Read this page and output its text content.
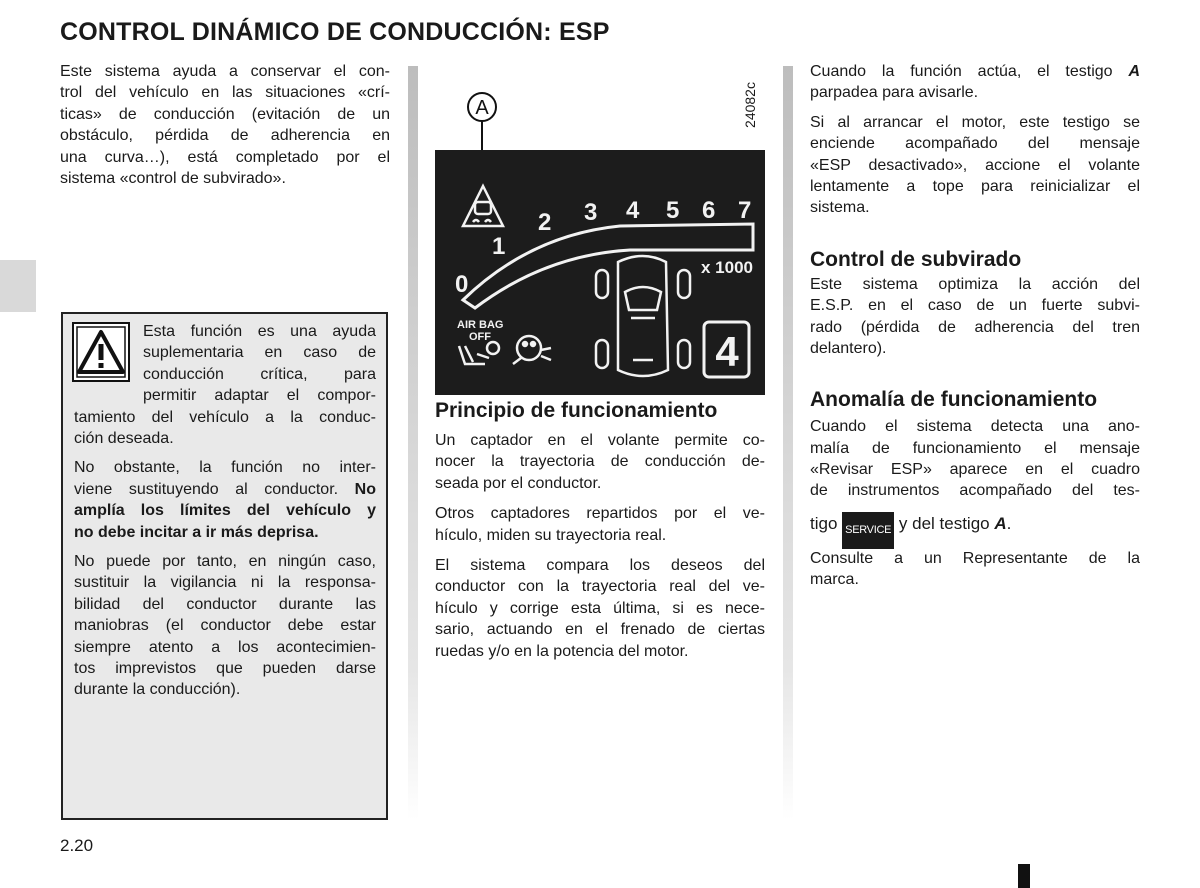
CONTROL DINÁMICO DE CONDUCCIÓN: ESP
Este sistema ayuda a conservar el con-
trol del vehículo en las situaciones «crí-
ticas» de conducción (evitación de un
obstáculo, pérdida de adherencia en
una curva…), está completado por el
sistema «control de subvirado».
Esta función es una ayuda
suplementaria en caso de
conducción crítica, para
permitir adaptar el compor-
tamiento del vehículo a la conduc-
ción deseada.
No obstante, la función no inter-
viene sustituyendo al conductor. No
amplía los límites del vehículo y
no debe incitar a ir más deprisa.
No puede por tanto, en ningún caso,
sustituir la vigilancia ni la responsa-
bilidad del conductor durante las
maniobras (el conductor debe estar
siempre atento a los acontecimien-
tos imprevistos que pueden darse
durante la conducción).
2.20
A	24082c
0
1
2 3 4 5 6 7
x 1000
AIR BAG
OFF	4
Principio de funcionamiento
Un captador en el volante permite co-
nocer la trayectoria de conducción de-
seada por el conductor.
Otros captadores repartidos por el ve-
hículo, miden su trayectoria real.
El sistema compara los deseos del
conductor con la trayectoria real del ve-
hículo y corrige esta última, si es nece-
sario, actuando en el frenado de ciertas
ruedas y/o en la potencia del motor.
Cuando la función actúa, el testigo A
parpadea para avisarle.
Si al arrancar el motor, este testigo se
enciende acompañado del mensaje
«ESP desactivado», accione el volante
lentamente a tope para reinicializar el
sistema.
Control de subvirado
Este sistema optimiza la acción del
E.S.P. en el caso de un fuerte subvi-
rado (pérdida de adherencia del tren
delantero).
Anomalía de funcionamiento
Cuando el sistema detecta una ano-
malía de funcionamiento el mensaje
«Revisar ESP» aparece en el cuadro
de instrumentos acompañado del tes-
tigo SERVICE y del testigo A.
Consulte a un Representante de la
marca.
